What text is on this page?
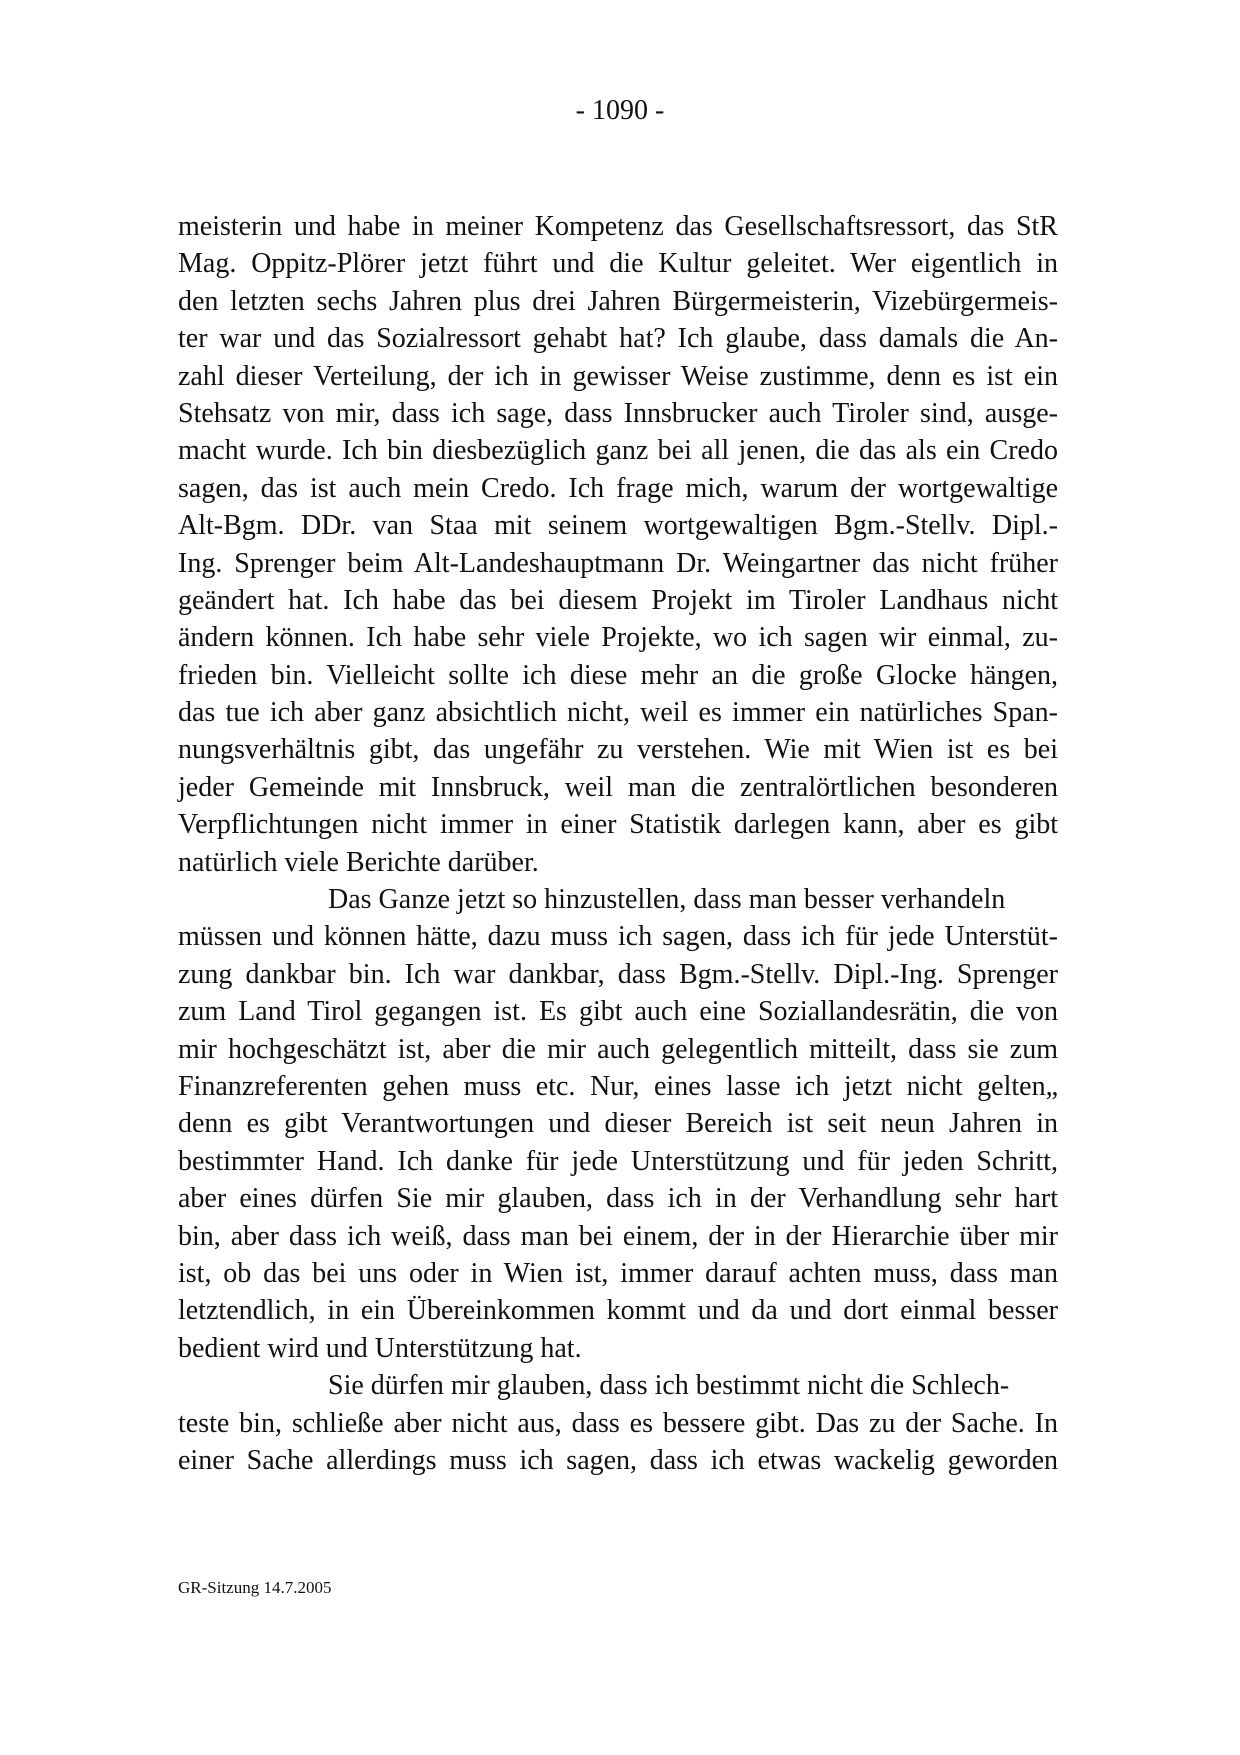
- 1090 -
meisterin und habe in meiner Kompetenz das Gesellschaftsressort, das StR
Mag. Oppitz-Plörer jetzt führt und die Kultur geleitet. Wer eigentlich in
den letzten sechs Jahren plus drei Jahren Bürgermeisterin, Vizebürgermeis-
ter war und das Sozialressort gehabt hat? Ich glaube, dass damals die An-
zahl dieser Verteilung, der ich in gewisser Weise zustimme, denn es ist ein
Stehsatz von mir, dass ich sage, dass Innsbrucker auch Tiroler sind, ausge-
macht wurde. Ich bin diesbezüglich ganz bei all jenen, die das als ein Credo
sagen, das ist auch mein Credo. Ich frage mich, warum der wortgewaltige
Alt-Bgm. DDr. van Staa mit seinem wortgewaltigen Bgm.-Stellv. Dipl.-
Ing. Sprenger beim Alt-Landeshauptmann Dr. Weingartner das nicht früher
geändert hat. Ich habe das bei diesem Projekt im Tiroler Landhaus nicht
ändern können. Ich habe sehr viele Projekte, wo ich sagen wir einmal, zu-
frieden bin. Vielleicht sollte ich diese mehr an die große Glocke hängen,
das tue ich aber ganz absichtlich nicht, weil es immer ein natürliches Span-
nungsverhältnis gibt, das ungefähr zu verstehen. Wie mit Wien ist es bei
jeder Gemeinde mit Innsbruck, weil man die zentralörtlichen besonderen
Verpflichtungen nicht immer in einer Statistik darlegen kann, aber es gibt
natürlich viele Berichte darüber.
Das Ganze jetzt so hinzustellen, dass man besser verhandeln
müssen und können hätte, dazu muss ich sagen, dass ich für jede Unterstüt-
zung dankbar bin. Ich war dankbar, dass Bgm.-Stellv. Dipl.-Ing. Sprenger
zum Land Tirol gegangen ist. Es gibt auch eine Soziallandesrätin, die von
mir hochgeschätzt ist, aber die mir auch gelegentlich mitteilt, dass sie zum
Finanzreferenten gehen muss etc. Nur, eines lasse ich jetzt nicht gelten„
denn es gibt Verantwortungen und dieser Bereich ist seit neun Jahren in
bestimmter Hand. Ich danke für jede Unterstützung und für jeden Schritt,
aber eines dürfen Sie mir glauben, dass ich in der Verhandlung sehr hart
bin, aber dass ich weiß, dass man bei einem, der in der Hierarchie über mir
ist, ob das bei uns oder in Wien ist, immer darauf achten muss, dass man
letztendlich, in ein Übereinkommen kommt und da und dort einmal besser
bedient wird und Unterstützung hat.
Sie dürfen mir glauben, dass ich bestimmt nicht die Schlech-
teste bin, schließe aber nicht aus, dass es bessere gibt. Das zu der Sache. In
einer Sache allerdings muss ich sagen, dass ich etwas wackelig geworden
GR-Sitzung 14.7.2005
